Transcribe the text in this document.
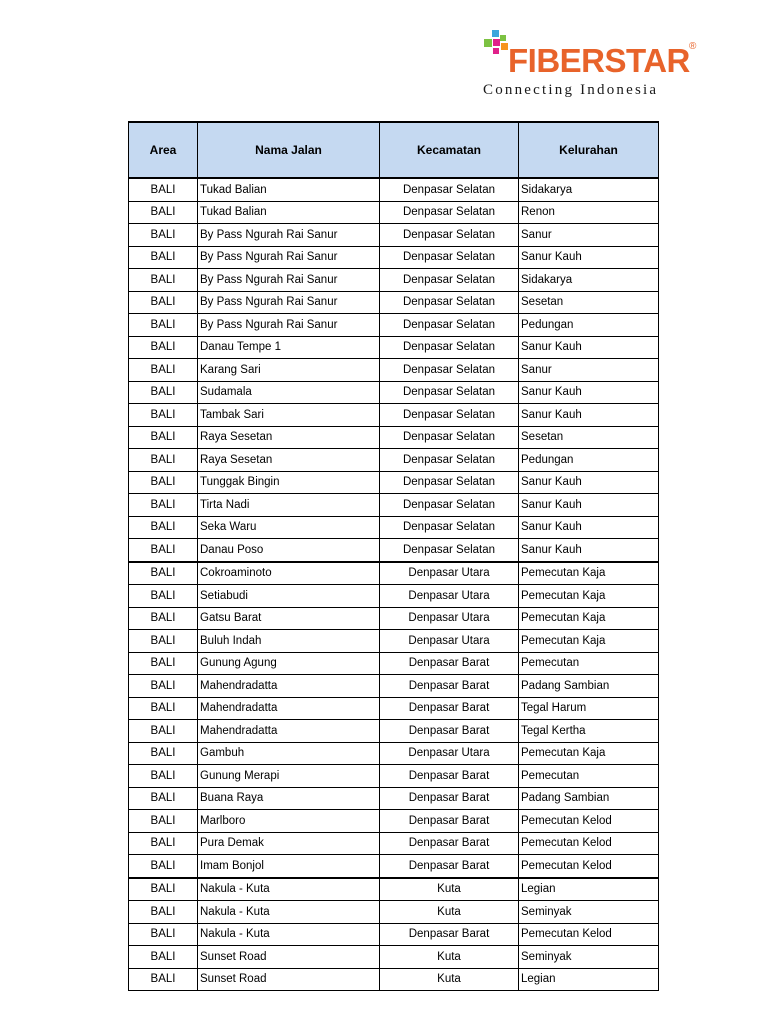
FIBERSTAR ®
Connecting Indonesia
Area	Nama Jalan	Kecamatan	Kelurahan
BALI	Tukad Balian	Denpasar Selatan	Sidakarya
BALI	Tukad Balian	Denpasar Selatan	Renon
BALI	By Pass Ngurah Rai Sanur	Denpasar Selatan	Sanur
BALI	By Pass Ngurah Rai Sanur	Denpasar Selatan	Sanur Kauh
BALI	By Pass Ngurah Rai Sanur	Denpasar Selatan	Sidakarya
BALI	By Pass Ngurah Rai Sanur	Denpasar Selatan	Sesetan
BALI	By Pass Ngurah Rai Sanur	Denpasar Selatan	Pedungan
BALI	Danau Tempe 1	Denpasar Selatan	Sanur Kauh
BALI	Karang Sari	Denpasar Selatan	Sanur
BALI	Sudamala	Denpasar Selatan	Sanur Kauh
BALI	Tambak Sari	Denpasar Selatan	Sanur Kauh
BALI	Raya Sesetan	Denpasar Selatan	Sesetan
BALI	Raya Sesetan	Denpasar Selatan	Pedungan
BALI	Tunggak Bingin	Denpasar Selatan	Sanur Kauh
BALI	Tirta Nadi	Denpasar Selatan	Sanur Kauh
BALI	Seka Waru	Denpasar Selatan	Sanur Kauh
BALI	Danau Poso	Denpasar Selatan	Sanur Kauh
BALI	Cokroaminoto	Denpasar Utara	Pemecutan Kaja
BALI	Setiabudi	Denpasar Utara	Pemecutan Kaja
BALI	Gatsu Barat	Denpasar Utara	Pemecutan Kaja
BALI	Buluh Indah	Denpasar Utara	Pemecutan Kaja
BALI	Gunung Agung	Denpasar Barat	Pemecutan
BALI	Mahendradatta	Denpasar Barat	Padang Sambian
BALI	Mahendradatta	Denpasar Barat	Tegal Harum
BALI	Mahendradatta	Denpasar Barat	Tegal Kertha
BALI	Gambuh	Denpasar Utara	Pemecutan Kaja
BALI	Gunung Merapi	Denpasar Barat	Pemecutan
BALI	Buana Raya	Denpasar Barat	Padang Sambian
BALI	Marlboro	Denpasar Barat	Pemecutan Kelod
BALI	Pura Demak	Denpasar Barat	Pemecutan Kelod
BALI	Imam Bonjol	Denpasar Barat	Pemecutan Kelod
BALI	Nakula - Kuta	Kuta	Legian
BALI	Nakula - Kuta	Kuta	Seminyak
BALI	Nakula - Kuta	Denpasar Barat	Pemecutan Kelod
BALI	Sunset Road	Kuta	Seminyak
BALI	Sunset Road	Kuta	Legian
